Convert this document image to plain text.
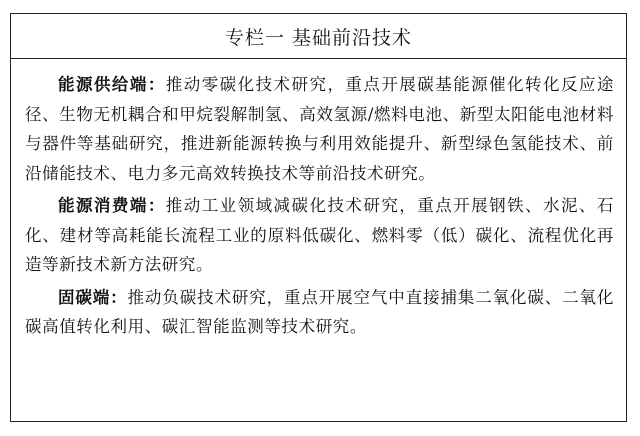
专栏一 基础前沿技术

能源供给端：推动零碳化技术研究，重点开展碳基能源催化转化反应途径、生物无机耦合和甲烷裂解制氢、高效氢源/燃料电池、新型太阳能电池材料与器件等基础研究，推进新能源转换与利用效能提升、新型绿色氢能技术、前沿储能技术、电力多元高效转换技术等前沿技术研究。

能源消费端：推动工业领域减碳化技术研究，重点开展钢铁、水泥、石化、建材等高耗能长流程工业的原料低碳化、燃料零（低）碳化、流程优化再造等新技术新方法研究。

固碳端：推动负碳技术研究，重点开展空气中直接捕集二氧化碳、二氧化碳高值转化利用、碳汇智能监测等技术研究。
